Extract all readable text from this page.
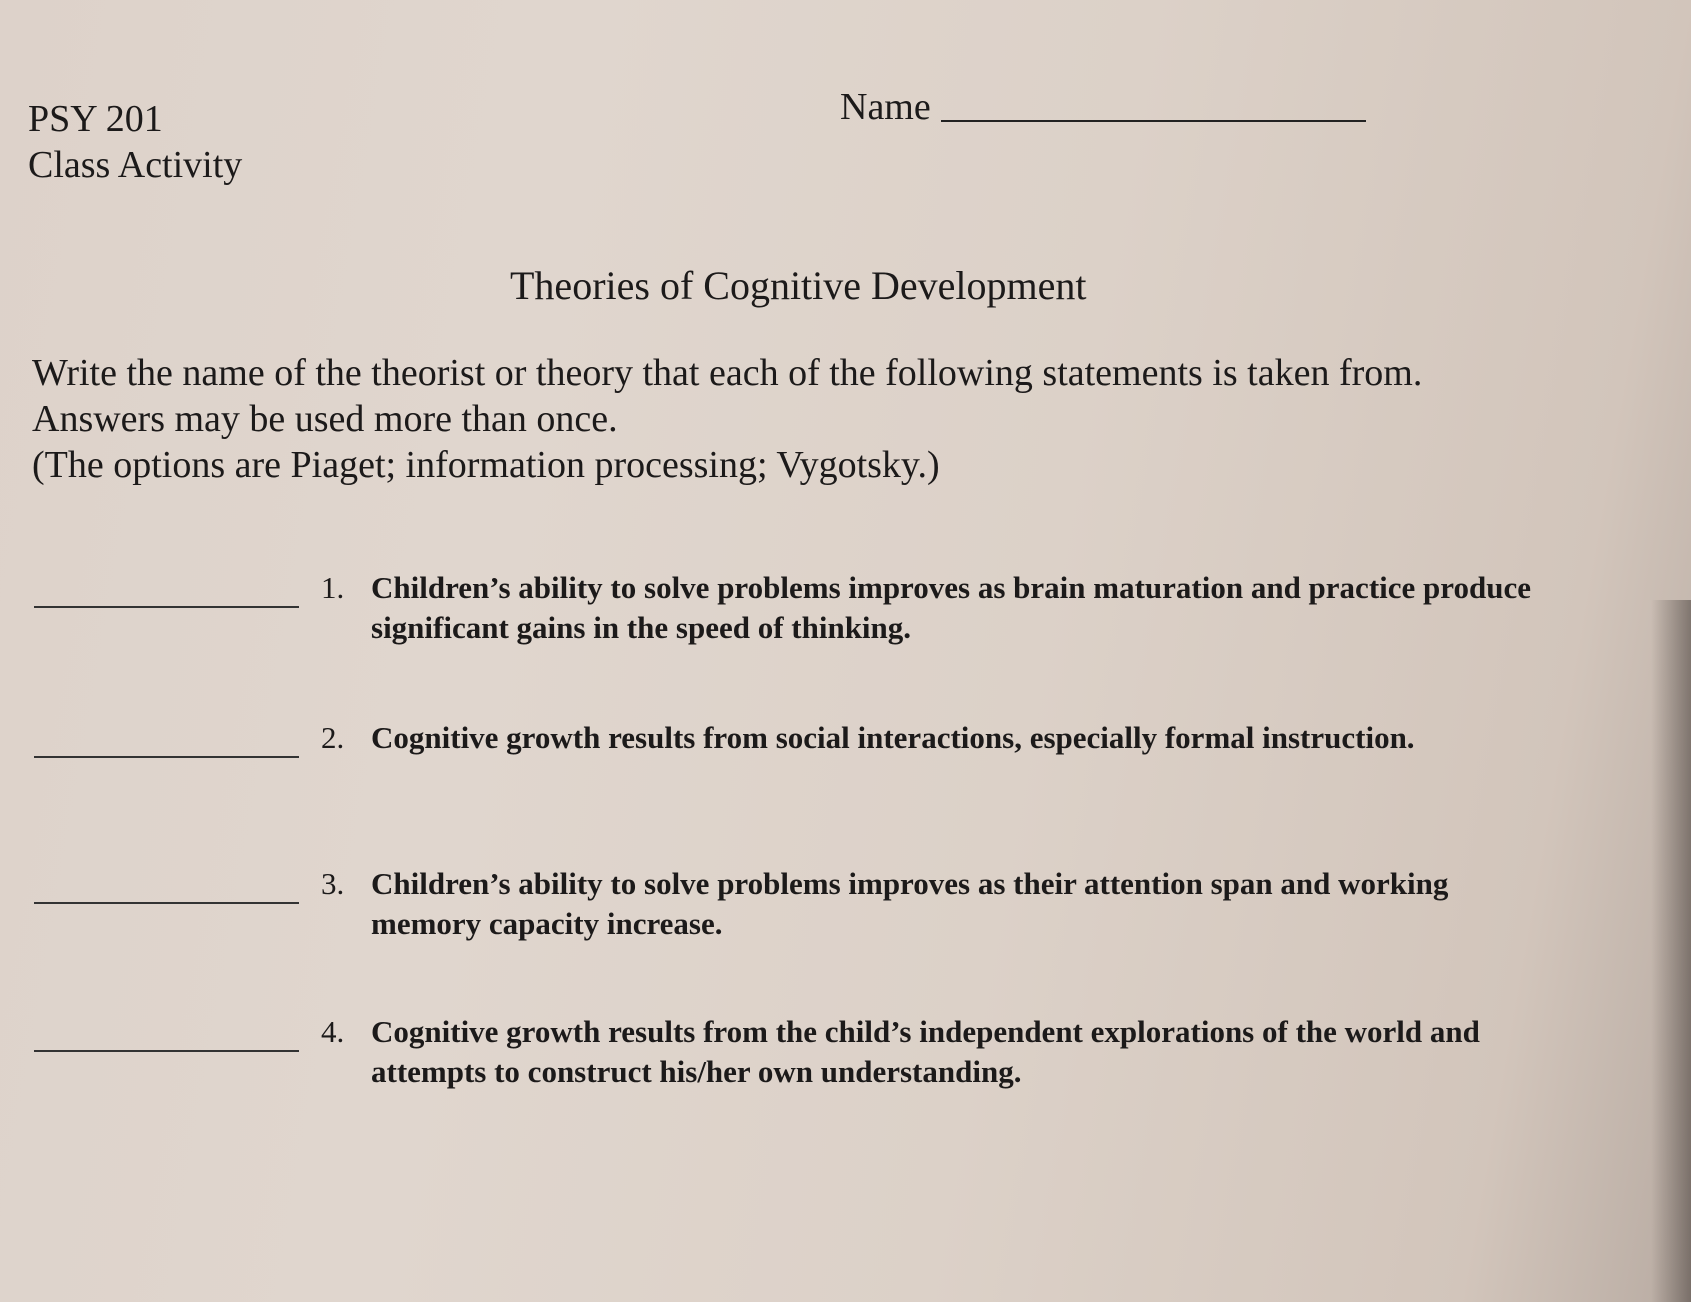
PSY 201
Class Activity
Name
Theories of Cognitive Development
Write the name of the theorist or theory that each of the following statements is taken from.
Answers may be used more than once.
(The options are Piaget; information processing; Vygotsky.)
1. Children’s ability to solve problems improves as brain maturation and practice produce significant gains in the speed of thinking.
2. Cognitive growth results from social interactions, especially formal instruction.
3. Children’s ability to solve problems improves as their attention span and working memory capacity increase.
4. Cognitive growth results from the child’s independent explorations of the world and attempts to construct his/her own understanding.
